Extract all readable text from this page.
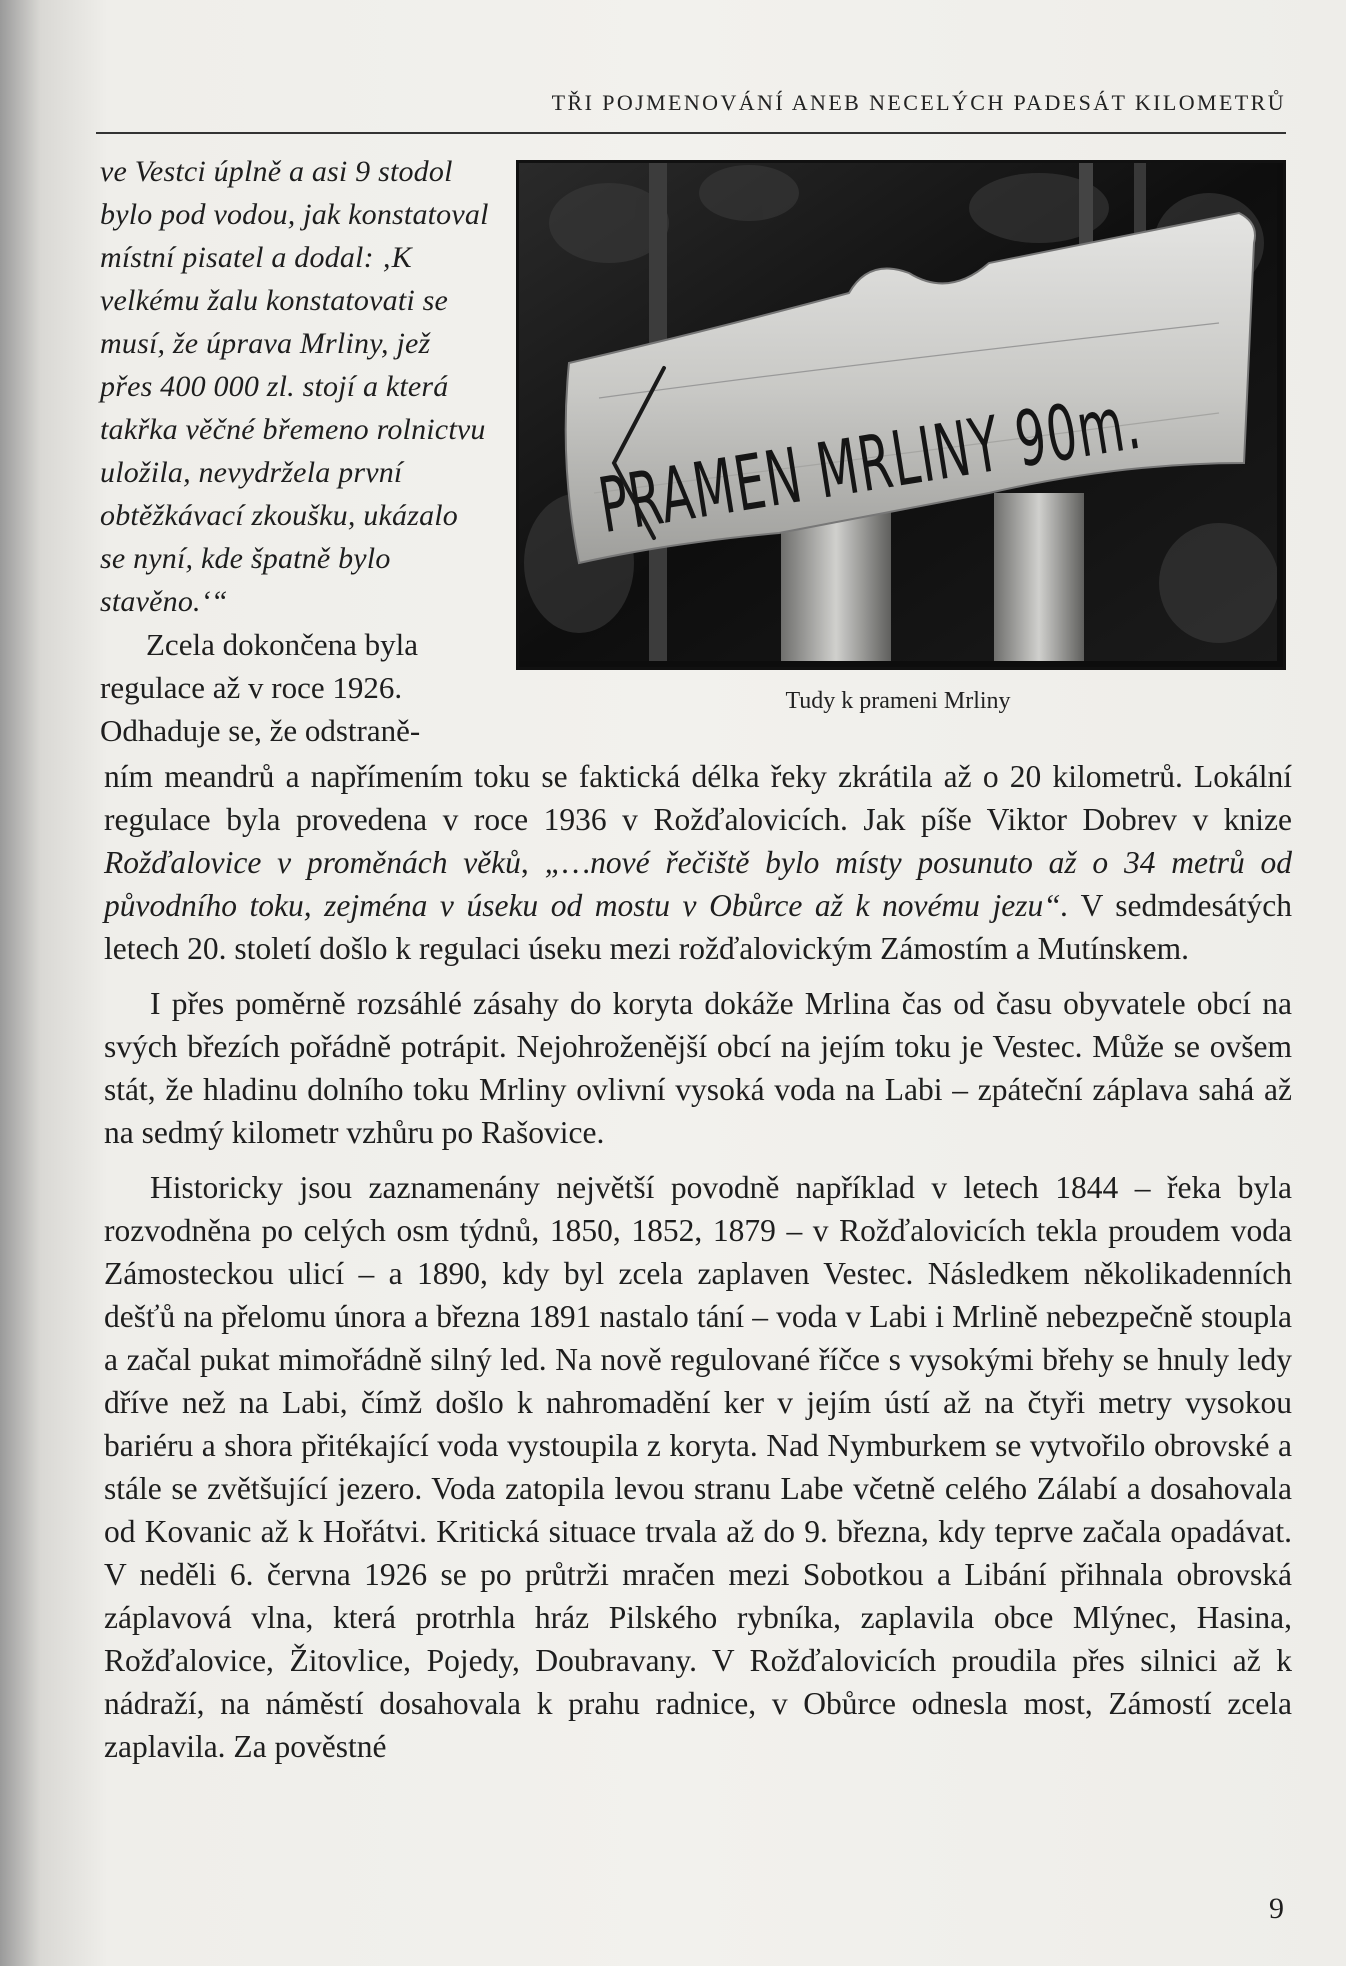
TŘI POJMENOVÁNÍ ANEB NECELÝCH PADESÁT KILOMETRŮ
ve Vestci úplně a asi 9 stodol bylo pod vodou, jak konstatoval místní pisatel a dodal: ‚K velkému žalu konstatovati se musí, že úprava Mrliny, jež přes 400 000 zl. stojí a která takřka věčné břemeno rolnictvu uložila, nevydržela první obtěžkávací zkoušku, ukázalo se nyní, kde špatně bylo stavěno.‘“
Zcela dokončena byla regulace až v roce 1926. Odhaduje se, že odstraně-
PRAMEN MRLINY 90m.
Tudy k prameni Mrliny

ním meandrů a napřímením toku se faktická délka řeky zkrátila až o 20 kilometrů. Lokální regulace byla provedena v roce 1936 v Rožďalovicích. Jak píše Viktor Dobrev v knize Rožďalovice v proměnách věků, „…nové řečiště bylo místy posunuto až o 34 metrů od původního toku, zejména v úseku od mostu v Obůrce až k novému jezu“. V sedmdesátých letech 20. století došlo k regulaci úseku mezi rožďalovickým Zámostím a Mutínskem.

I přes poměrně rozsáhlé zásahy do koryta dokáže Mrlina čas od času obyvatele obcí na svých březích pořádně potrápit. Nejohroženější obcí na jejím toku je Vestec. Může se ovšem stát, že hladinu dolního toku Mrliny ovlivní vysoká voda na Labi – zpáteční záplava sahá až na sedmý kilometr vzhůru po Rašovice.

Historicky jsou zaznamenány největší povodně například v letech 1844 – řeka byla rozvodněna po celých osm týdnů, 1850, 1852, 1879 – v Rožďalovicích tekla proudem voda Zámosteckou ulicí – a 1890, kdy byl zcela zaplaven Vestec. Následkem několikadenních dešťů na přelomu února a března 1891 nastalo tání – voda v Labi i Mrlině nebezpečně stoupla a začal pukat mimořádně silný led. Na nově regulované říčce s vysokými břehy se hnuly ledy dříve než na Labi, čímž došlo k nahromadění ker v jejím ústí až na čtyři metry vysokou bariéru a shora přitékající voda vystoupila z koryta. Nad Nymburkem se vytvořilo obrovské a stále se zvětšující jezero. Voda zatopila levou stranu Labe včetně celého Zálabí a dosahovala od Kovanic až k Hořátvi. Kritická situace trvala až do 9. března, kdy teprve začala opadávat. V neděli 6. června 1926 se po průtrži mračen mezi Sobotkou a Libání přihnala obrovská záplavová vlna, která protrhla hráz Pilského rybníka, zaplavila obce Mlýnec, Hasina, Rožďalovice, Žitovlice, Pojedy, Doubravany. V Rožďalovicích proudila přes silnici až k nádraží, na náměstí dosahovala k prahu radnice, v Obůrce odnesla most, Zámostí zcela zaplavila. Za pověstné

9
